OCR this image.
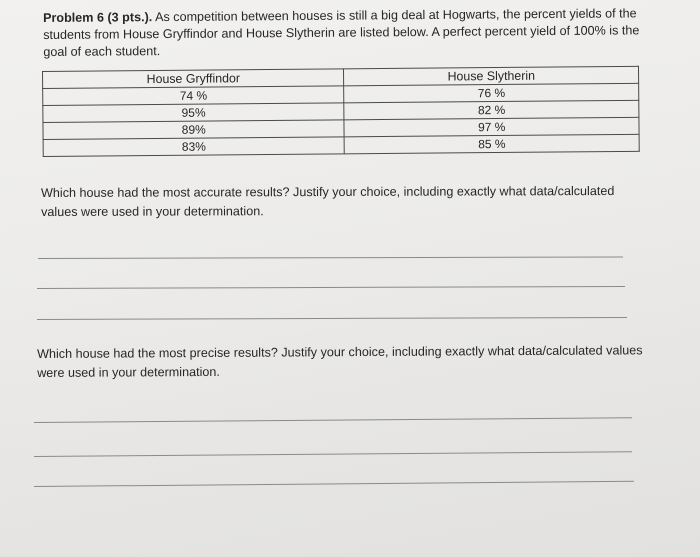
Problem 6 (3 pts.). As competition between houses is still a big deal at Hogwarts, the percent yields of the students from House Gryffindor and House Slytherin are listed below. A perfect percent yield of 100% is the goal of each student.
House Gryffindor	House Slytherin
74 %	76 %
95%	82 %
89%	97 %
83%	85 %
Which house had the most accurate results? Justify your choice, including exactly what data/calculated values were used in your determination.
Which house had the most precise results? Justify your choice, including exactly what data/calculated values were used in your determination.
